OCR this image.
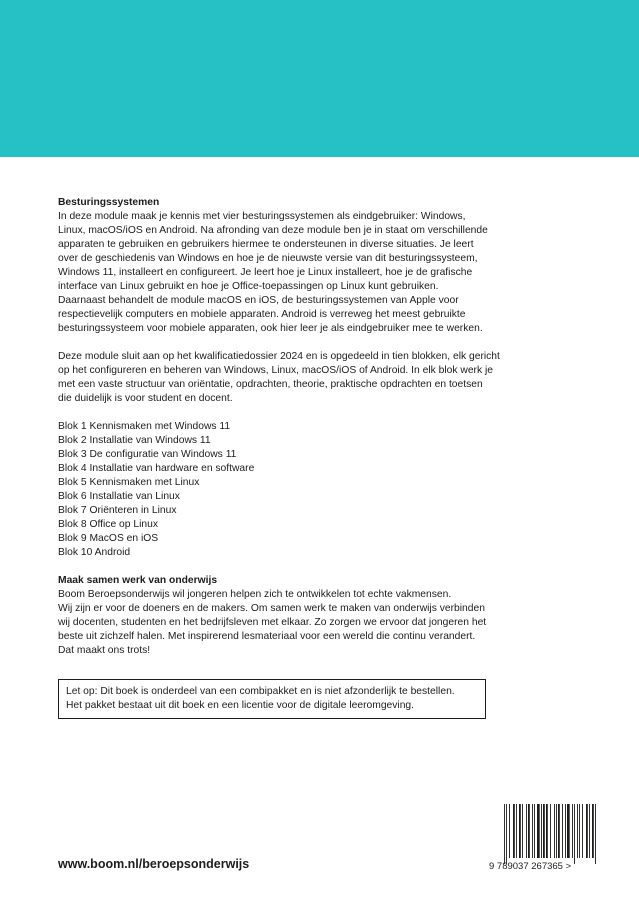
Besturingssystemen

In deze module maak je kennis met vier besturingssystemen als eindgebruiker: Windows,
Linux, macOS/iOS en Android. Na afronding van deze module ben je in staat om verschillende
apparaten te gebruiken en gebruikers hiermee te ondersteunen in diverse situaties. Je leert
over de geschiedenis van Windows en hoe je de nieuwste versie van dit besturingssysteem,
Windows 11, installeert en configureert. Je leert hoe je Linux installeert, hoe je de grafische
interface van Linux gebruikt en hoe je Office-toepassingen op Linux kunt gebruiken.
Daarnaast behandelt de module macOS en iOS, de besturingssystemen van Apple voor
respectievelijk computers en mobiele apparaten. Android is verreweg het meest gebruikte
besturingssysteem voor mobiele apparaten, ook hier leer je als eindgebruiker mee te werken.

Deze module sluit aan op het kwalificatiedossier 2024 en is opgedeeld in tien blokken, elk gericht
op het configureren en beheren van Windows, Linux, macOS/iOS of Android. In elk blok werk je
met een vaste structuur van oriëntatie, opdrachten, theorie, praktische opdrachten en toetsen
die duidelijk is voor student en docent.

Blok 1 Kennismaken met Windows 11
Blok 2 Installatie van Windows 11
Blok 3 De configuratie van Windows 11
Blok 4 Installatie van hardware en software
Blok 5 Kennismaken met Linux
Blok 6 Installatie van Linux
Blok 7 Oriënteren in Linux
Blok 8 Office op Linux
Blok 9 MacOS en iOS
Blok 10 Android
Maak samen werk van onderwijs

Boom Beroepsonderwijs wil jongeren helpen zich te ontwikkelen tot echte vakmensen.
Wij zijn er voor de doeners en de makers. Om samen werk te maken van onderwijs verbinden
wij docenten, studenten en het bedrijfsleven met elkaar. Zo zorgen we ervoor dat jongeren het
beste uit zichzelf halen. Met inspirerend lesmateriaal voor een wereld die continu verandert.
Dat maakt ons trots!

Let op: Dit boek is onderdeel van een combipakket en is niet afzonderlijk te bestellen.
Het pakket bestaat uit dit boek en een licentie voor de digitale leeromgeving.
www.boom.nl/beroepsonderwijs	9 789037 267365 >
